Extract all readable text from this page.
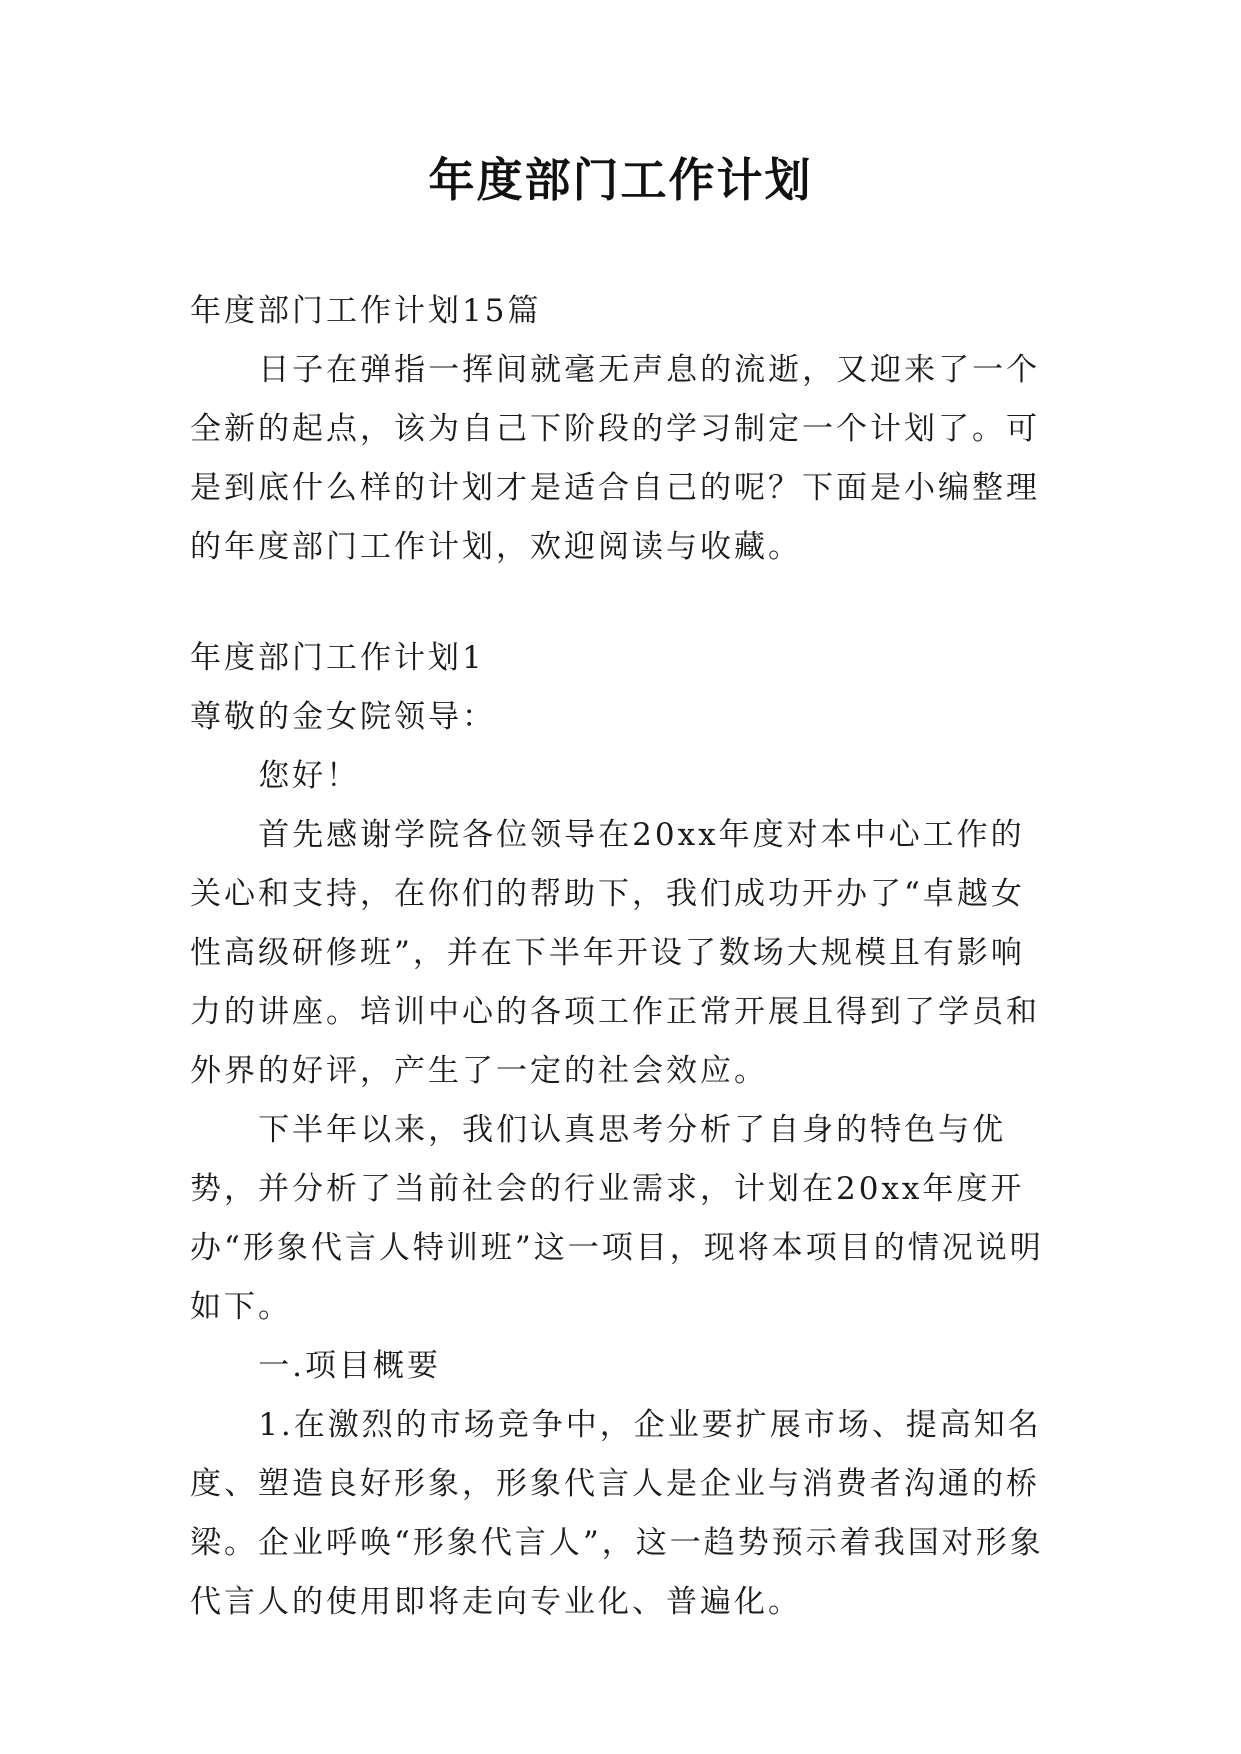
年度部门工作计划

年度部门工作计划15篇

日子在弹指一挥间就毫无声息的流逝，又迎来了一个全新的起点，该为自己下阶段的学习制定一个计划了。可是到底什么样的计划才是适合自己的呢？下面是小编整理的年度部门工作计划，欢迎阅读与收藏。

年度部门工作计划1

尊敬的金女院领导：

您好！

首先感谢学院各位领导在20xx年度对本中心工作的关心和支持，在你们的帮助下，我们成功开办了“卓越女性高级研修班”，并在下半年开设了数场大规模且有影响力的讲座。培训中心的各项工作正常开展且得到了学员和外界的好评，产生了一定的社会效应。

下半年以来，我们认真思考分析了自身的特色与优势，并分析了当前社会的行业需求，计划在20xx年度开办“形象代言人特训班”这一项目，现将本项目的情况说明如下。

一.项目概要

1.在激烈的市场竞争中，企业要扩展市场、提高知名度、塑造良好形象，形象代言人是企业与消费者沟通的桥梁。企业呼唤“形象代言人”，这一趋势预示着我国对形象代言人的使用即将走向专业化、普遍化。
